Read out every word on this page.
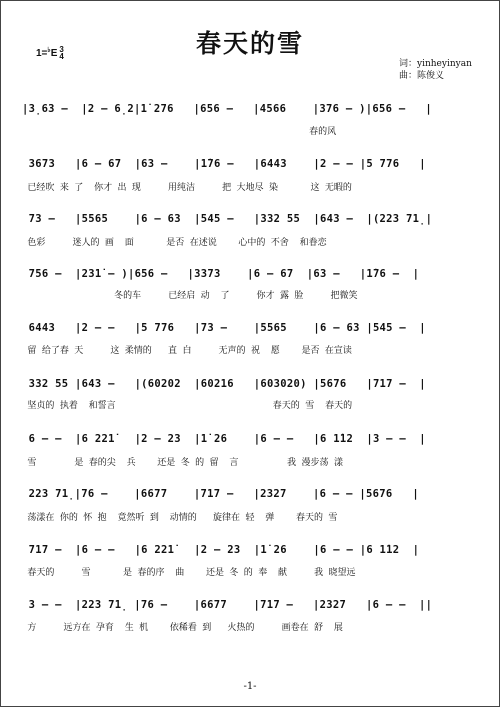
1=♭E 3
4	春天的雪
词：yinheyinyan
曲：陈俊义
|3̣63 –  |2 – 6̣2|1̇ 276   |656 –   |4566    |376 – )|656 –   |
春的风
3673   |6 – 67  |63 –    |1̇76 –   |6443    |2 – – |5 776   |
已经吹 来 了  你才 出 现     用纯洁     把 大地尽 染      这 无暇的
73 –   |5565    |6 – 63  |545 –   |332 55  |643 –  |(223 71̣|
色彩     迷人的 画  面      是否 在述说    心中的 不舍  和眷恋
756 –  |231̇ – )|656 –   |3373    |6 – 67  |63 –   |1̇76 –  |
冬的车     已经启 动  了     你才 露 脸     把微笑
6443   |2 – –   |5 776   |73 –    |5565    |6 – 63 |545 –  |
留 给了春 天     这 柔情的   直 白     无声的 祝  愿    是否 在宣读
332 55 |643 –   |(60202  |60216   |603020) |5676   |717 –  |
坚贞的 执着  和誓言                             春天的 雪  春天的
6 – –  |6 221̇   |2 – 23  |1̇ 26    |6 – –   |6 1̇12  |3 – –  |
雪       是 春的尖  兵    还是 冬 的 留  言         我 漫步荡 漾
223 71̣|76 –    |6677    |717 –   |2327    |6 – – |5676   |
荡漾在 你的 怀 抱  竟然听 到  动情的   旋律在 轻  弹    春天的 雪
717 –  |6 – –   |6 221̇   |2 – 23  |1̇ 26    |6 – – |6 1̇12  |
春天的     雪      是 春的序  曲    还是 冬 的 奉  献     我 晓望远
3 – –  |223 71̣ |76 –    |6677    |717 –   |2327   |6 – –  ||
方     远方在 孕育  生 机    依稀看 到   火热的     画卷在 舒  展
-1-
